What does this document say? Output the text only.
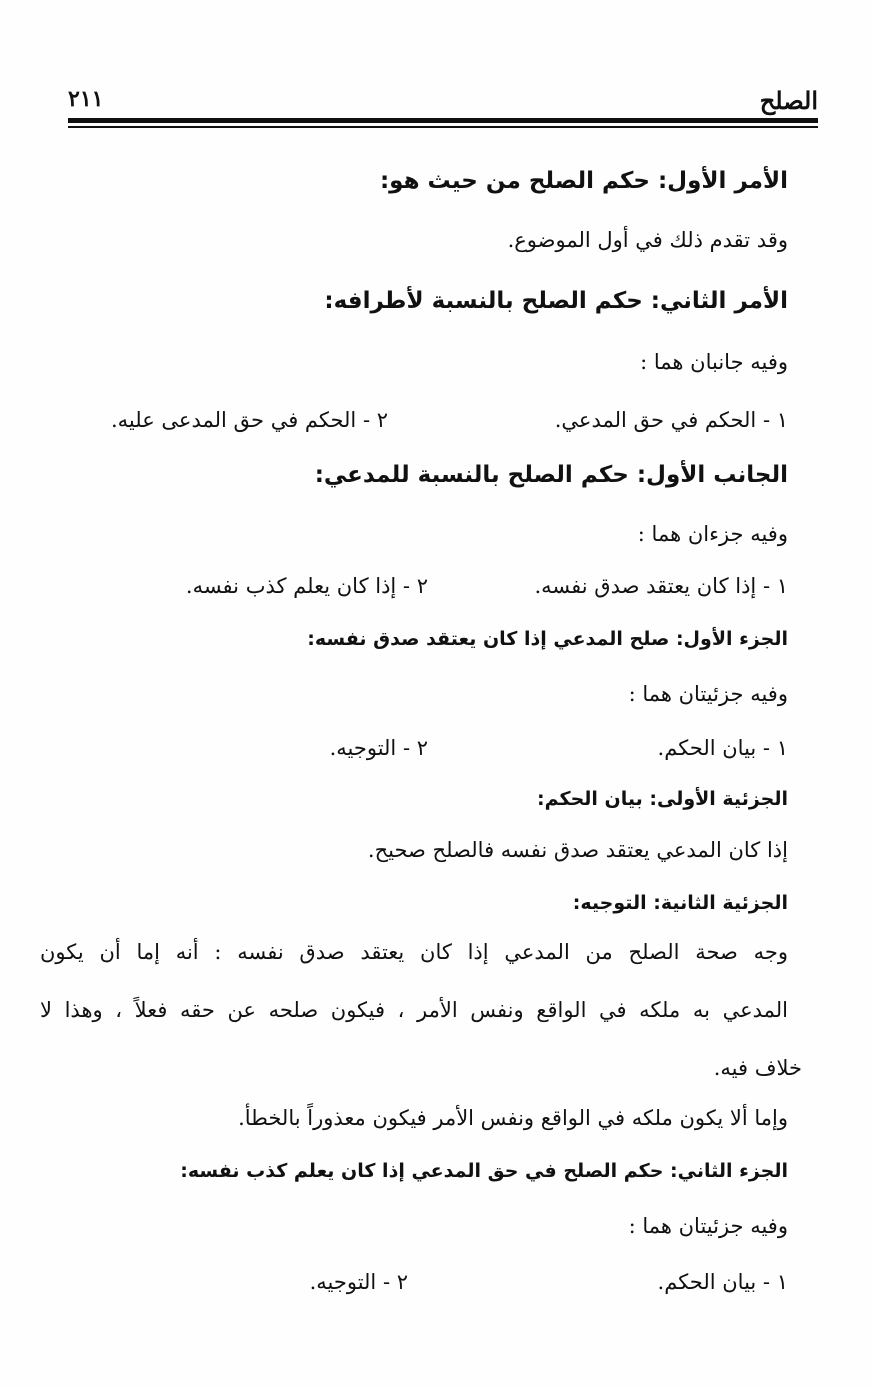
الصلح
٢١١
الأمر الأول: حكم الصلح من حيث هو:
وقد تقدم ذلك في أول الموضوع.
الأمر الثاني: حكم الصلح بالنسبة لأطرافه:
وفيه جانبان هما :
١ - الحكم في حق المدعي.
٢ - الحكم في حق المدعى عليه.
الجانب الأول: حكم الصلح بالنسبة للمدعي:
وفيه جزءان هما :
١ - إذا كان يعتقد صدق نفسه.
٢ - إذا كان يعلم كذب نفسه.
الجزء الأول: صلح المدعي إذا كان يعتقد صدق نفسه:
وفيه جزئيتان هما :
١ - بيان الحكم.
٢ - التوجيه.
الجزئية الأولى: بيان الحكم:
إذا كان المدعي يعتقد صدق نفسه فالصلح صحيح.
الجزئية الثانية: التوجيه:
وجه صحة الصلح من المدعي إذا كان يعتقد صدق نفسه : أنه إما أن يكون
المدعي به ملكه في الواقع ونفس الأمر ، فيكون صلحه عن حقه فعلاً ، وهذا لا
خلاف فيه.
وإما ألا يكون ملكه في الواقع ونفس الأمر فيكون معذوراً بالخطأ.
الجزء الثاني: حكم الصلح في حق المدعي إذا كان يعلم كذب نفسه:
وفيه جزئيتان هما :
١ - بيان الحكم.
٢ - التوجيه.
